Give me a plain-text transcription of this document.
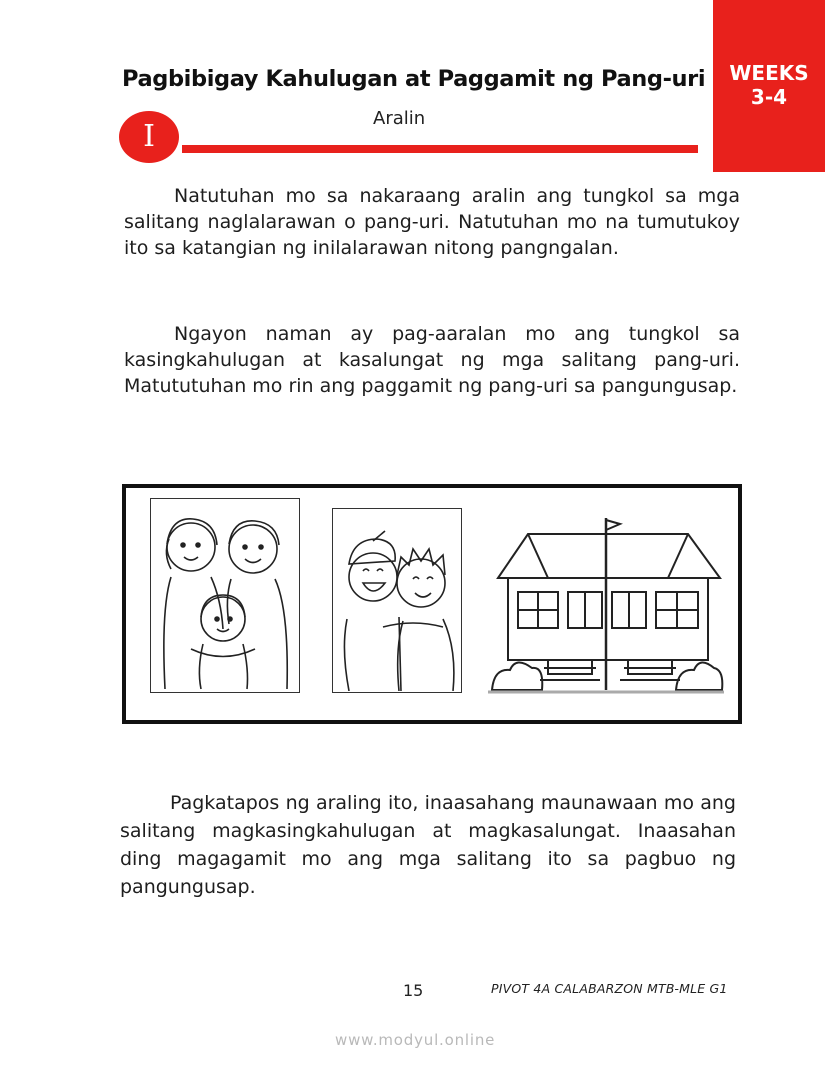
WEEKS
3-4
Pagbibigay Kahulugan at Paggamit ng Pang-uri
I
Aralin
Natutuhan mo sa nakaraang aralin ang tungkol sa mga salitang naglalarawan o pang-uri. Natutuhan mo na tumutukoy ito sa katangian ng inilalarawan nitong pangngalan.
Ngayon naman ay pag-aaralan mo ang tungkol sa kasingkahulugan at kasalungat ng mga salitang pang-uri. Matututuhan mo rin ang paggamit ng pang-uri sa pangungusap.
Pagkatapos ng araling ito, inaasahang maunawaan mo ang salitang magkasingkahulugan at magkasalungat. Inaasahan ding magagamit mo ang mga salitang ito sa pagbuo ng pangungusap.
15	PIVOT 4A CALABARZON MTB-MLE G1
www.modyul.online
